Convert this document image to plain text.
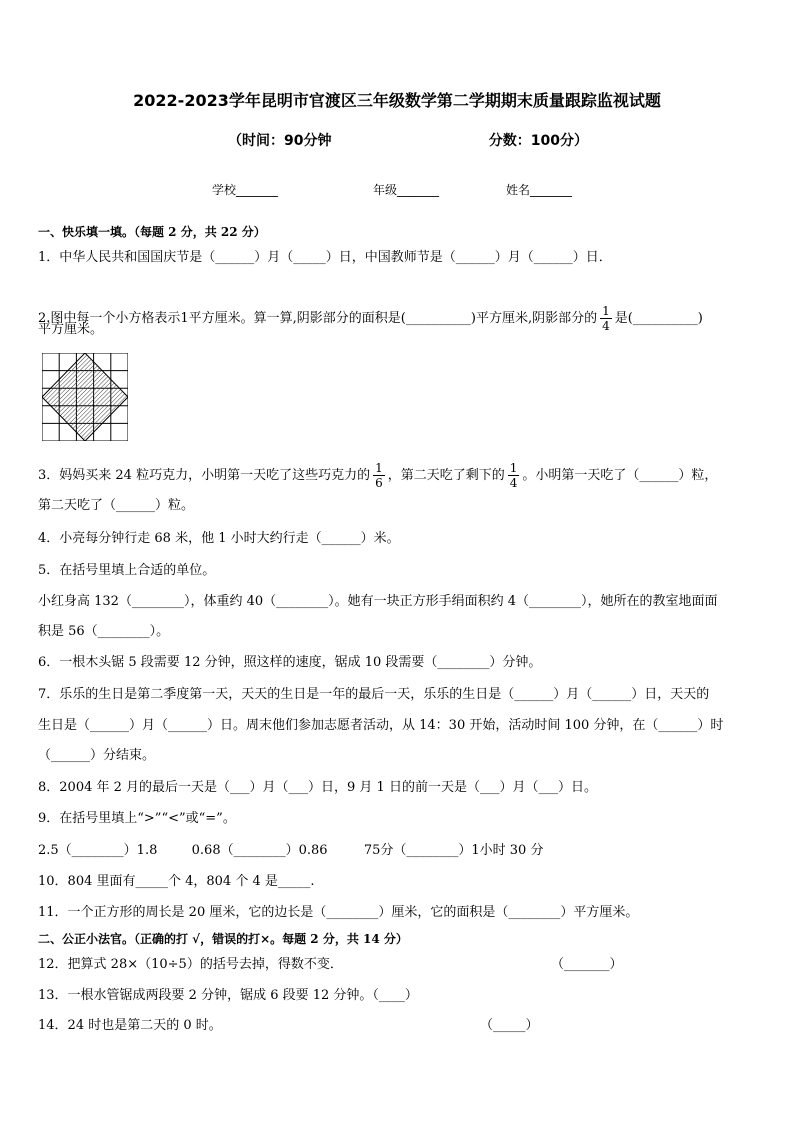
2022-2023学年昆明市官渡区三年级数学第二学期期末质量跟踪监视试题
（时间：90分钟	分数：100分）
学校_______	年级_______	姓名_______
一、快乐填一填。（每题 2 分，共 22 分）
1．中华人民共和国国庆节是（______）月（_____）日，中国教师节是（______）月（______）日．
2.图中每一个小方格表示1平方厘米。算一算,阴影部分的面积是(__________)平方厘米,阴影部分的 $\frac{1}{4}$ 是(__________)
平方厘米。
3．妈妈买来 24 粒巧克力，小明第一天吃了这些巧克力的 $\frac{1}{6}$ ，第二天吃了剩下的 $\frac{1}{4}$ 。小明第一天吃了（______）粒，
第二天吃了（______）粒。
4．小亮每分钟行走 68 米，他 1 小时大约行走（______）米。
5．在括号里填上合适的单位。
小红身高 132（________），体重约 40（________）。她有一块正方形手绢面积约 4（________），她所在的教室地面面
积是 56（________）。
6．一根木头锯 5 段需要 12 分钟，照这样的速度，锯成 10 段需要（________）分钟。
7．乐乐的生日是第二季度第一天，天天的生日是一年的最后一天，乐乐的生日是（______）月（______）日，天天的
生日是（______）月（______）日。周末他们参加志愿者活动，从 14：30 开始，活动时间 100 分钟，在（______）时
（______）分结束。
8．2004 年 2 月的最后一天是（___）月（___）日，9 月 1 日的前一天是（___）月（___）日。
9．在括号里填上“>”“<”或“=”。
2.5（________）1.8	0.68（________）0.86	75分（________）1小时 30 分
10．804 里面有_____个 4，804 个 4 是_____.
11．一个正方形的周长是 20 厘米，它的边长是（________）厘米，它的面积是（________）平方厘米。
二、公正小法官。（正确的打 √，错误的打×。每题 2 分，共 14 分）
12．把算式 28×（10÷5）的括号去掉，得数不变．	（_______）
13．一根水管锯成两段要 2 分钟，锯成 6 段要 12 分钟。（____）
14．24 时也是第二天的 0 时。	（_____）
